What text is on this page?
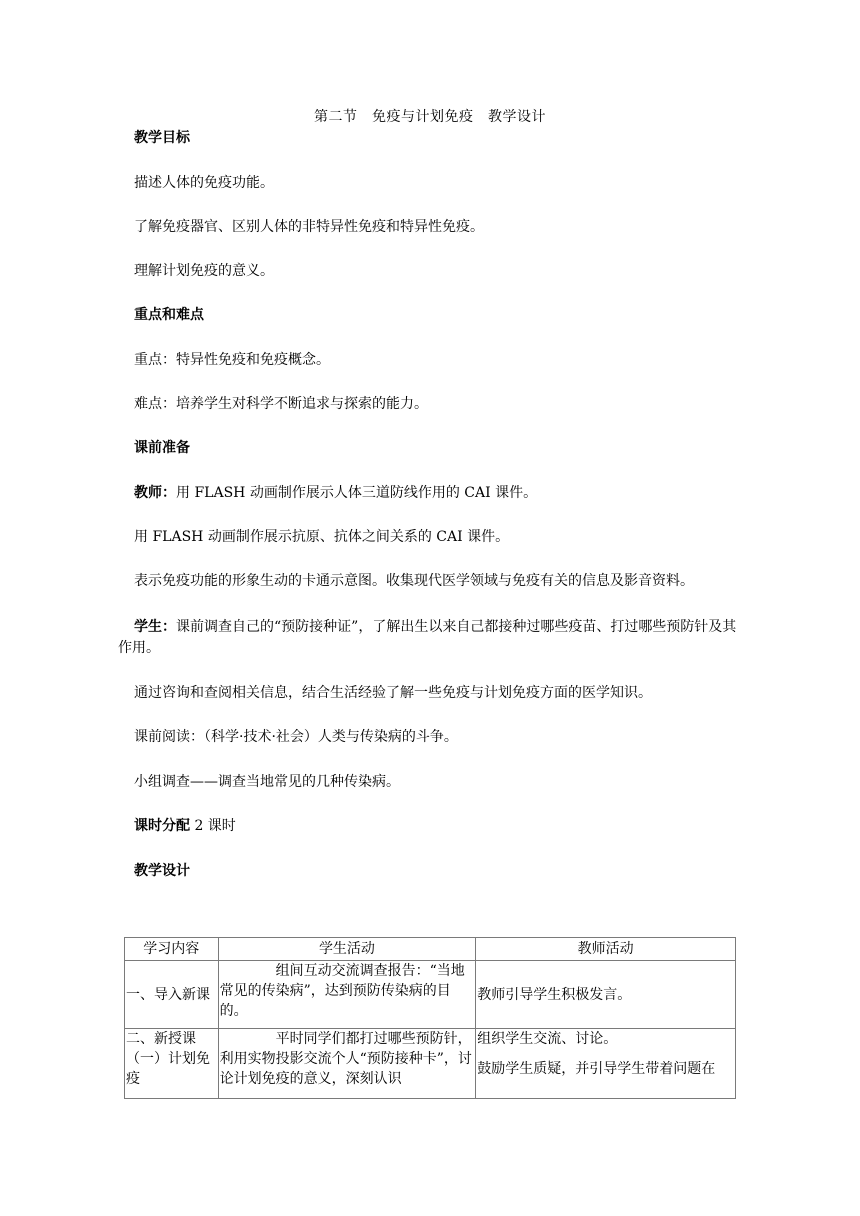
第二节　免疫与计划免疫　教学设计
教学目标
描述人体的免疫功能。
了解免疫器官、区别人体的非特异性免疫和特异性免疫。
理解计划免疫的意义。
重点和难点
重点：特异性免疫和免疫概念。
难点：培养学生对科学不断追求与探索的能力。
课前准备
教师：用 FLASH 动画制作展示人体三道防线作用的 CAI 课件。
用 FLASH 动画制作展示抗原、抗体之间关系的 CAI 课件。
表示免疫功能的形象生动的卡通示意图。收集现代医学领域与免疫有关的信息及影音资料。
学生：课前调查自己的“预防接种证”，了解出生以来自己都接种过哪些疫苗、打过哪些预防针及其作用。
通过咨询和查阅相关信息，结合生活经验了解一些免疫与计划免疫方面的医学知识。
课前阅读：（科学·技术·社会）人类与传染病的斗争。
小组调查——调查当地常见的几种传染病。
课时分配 2 课时
教学设计
学习内容	学生活动	教师活动
一、导入新课	组间互动交流调查报告：“当地常见的传染病”，达到预防传染病的目的。	教师引导学生积极发言。
二、新授课（一）计划免疫	平时同学们都打过哪些预防针，利用实物投影交流个人“预防接种卡”，讨论计划免疫的意义，深刻认识	组织学生交流、讨论。
鼓励学生质疑，并引导学生带着问题在
